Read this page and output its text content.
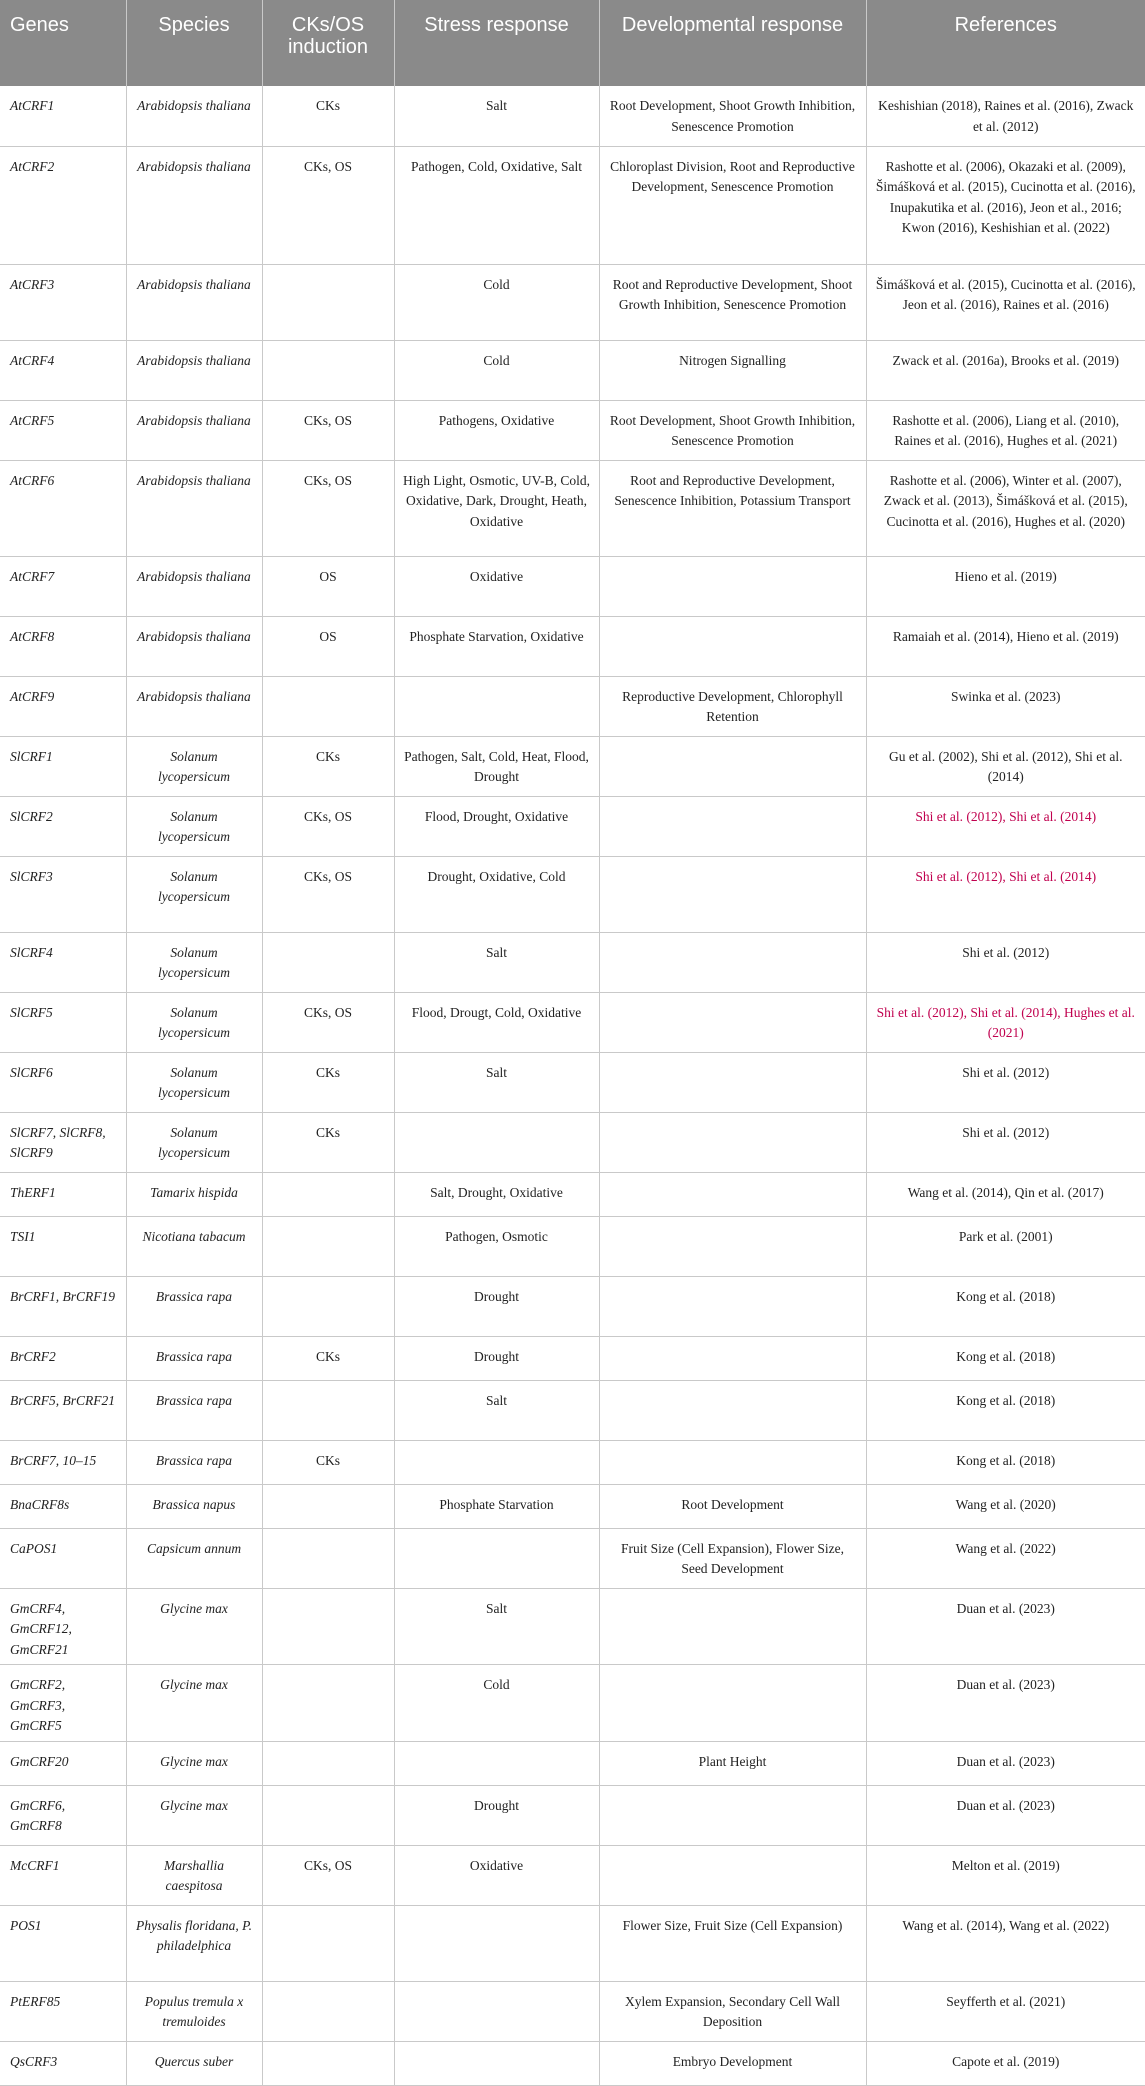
Genes	Species	CKs/OS induction	Stress response	Developmental response	References
AtCRF1	Arabidopsis thaliana	CKs	Salt	Root Development, Shoot Growth Inhibition, Senescence Promotion	Keshishian (2018), Raines et al. (2016), Zwack et al. (2012)
AtCRF2	Arabidopsis thaliana	CKs, OS	Pathogen, Cold, Oxidative, Salt	Chloroplast Division, Root and Reproductive Development, Senescence Promotion	Rashotte et al. (2006), Okazaki et al. (2009), Šimášková et al. (2015), Cucinotta et al. (2016), Inupakutika et al. (2016), Jeon et al., 2016; Kwon (2016), Keshishian et al. (2022)
AtCRF3	Arabidopsis thaliana		Cold	Root and Reproductive Development, Shoot Growth Inhibition, Senescence Promotion	Šimášková et al. (2015), Cucinotta et al. (2016), Jeon et al. (2016), Raines et al. (2016)
AtCRF4	Arabidopsis thaliana		Cold	Nitrogen Signalling	Zwack et al. (2016a), Brooks et al. (2019)
AtCRF5	Arabidopsis thaliana	CKs, OS	Pathogens, Oxidative	Root Development, Shoot Growth Inhibition, Senescence Promotion	Rashotte et al. (2006), Liang et al. (2010), Raines et al. (2016), Hughes et al. (2021)
AtCRF6	Arabidopsis thaliana	CKs, OS	High Light, Osmotic, UV-B, Cold, Oxidative, Dark, Drought, Heath, Oxidative	Root and Reproductive Development, Senescence Inhibition, Potassium Transport	Rashotte et al. (2006), Winter et al. (2007), Zwack et al. (2013), Šimášková et al. (2015), Cucinotta et al. (2016), Hughes et al. (2020)
AtCRF7	Arabidopsis thaliana	OS	Oxidative		Hieno et al. (2019)
AtCRF8	Arabidopsis thaliana	OS	Phosphate Starvation, Oxidative		Ramaiah et al. (2014), Hieno et al. (2019)
AtCRF9	Arabidopsis thaliana			Reproductive Development, Chlorophyll Retention	Swinka et al. (2023)
SlCRF1	Solanum lycopersicum	CKs	Pathogen, Salt, Cold, Heat, Flood, Drought		Gu et al. (2002), Shi et al. (2012), Shi et al. (2014)
SlCRF2	Solanum lycopersicum	CKs, OS	Flood, Drought, Oxidative		Shi et al. (2012), Shi et al. (2014)
SlCRF3	Solanum lycopersicum	CKs, OS	Drought, Oxidative, Cold		Shi et al. (2012), Shi et al. (2014)
SlCRF4	Solanum lycopersicum		Salt		Shi et al. (2012)
SlCRF5	Solanum lycopersicum	CKs, OS	Flood, Drougt, Cold, Oxidative		Shi et al. (2012), Shi et al. (2014), Hughes et al. (2021)
SlCRF6	Solanum lycopersicum	CKs	Salt		Shi et al. (2012)
SlCRF7, SlCRF8, SlCRF9	Solanum lycopersicum	CKs			Shi et al. (2012)
ThERF1	Tamarix hispida		Salt, Drought, Oxidative		Wang et al. (2014), Qin et al. (2017)
TSI1	Nicotiana tabacum		Pathogen, Osmotic		Park et al. (2001)
BrCRF1, BrCRF19	Brassica rapa		Drought		Kong et al. (2018)
BrCRF2	Brassica rapa	CKs	Drought		Kong et al. (2018)
BrCRF5, BrCRF21	Brassica rapa		Salt		Kong et al. (2018)
BrCRF7, 10–15	Brassica rapa	CKs			Kong et al. (2018)
BnaCRF8s	Brassica napus		Phosphate Starvation	Root Development	Wang et al. (2020)
CaPOS1	Capsicum annum			Fruit Size (Cell Expansion), Flower Size, Seed Development	Wang et al. (2022)
GmCRF4, GmCRF12, GmCRF21	Glycine max		Salt		Duan et al. (2023)
GmCRF2, GmCRF3, GmCRF5	Glycine max		Cold		Duan et al. (2023)
GmCRF20	Glycine max			Plant Height	Duan et al. (2023)
GmCRF6, GmCRF8	Glycine max		Drought		Duan et al. (2023)
McCRF1	Marshallia caespitosa	CKs, OS	Oxidative		Melton et al. (2019)
POS1	Physalis floridana, P. philadelphica			Flower Size, Fruit Size (Cell Expansion)	Wang et al. (2014), Wang et al. (2022)
PtERF85	Populus tremula x tremuloides			Xylem Expansion, Secondary Cell Wall Deposition	Seyfferth et al. (2021)
QsCRF3	Quercus suber			Embryo Development	Capote et al. (2019)
